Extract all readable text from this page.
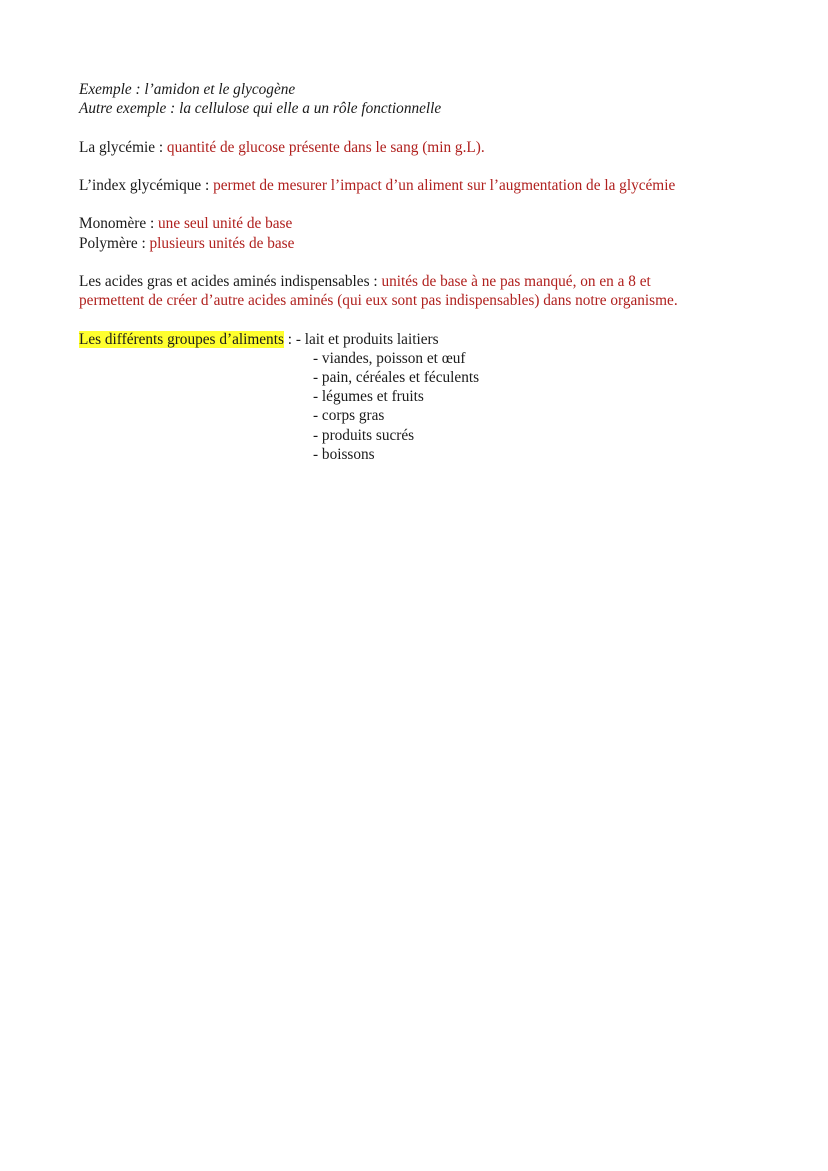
Exemple : l’amidon et le glycogène
Autre exemple : la cellulose qui elle a un rôle fonctionnelle
La glycémie : quantité de glucose présente dans le sang (min g.L).
L’index glycémique : permet de mesurer l’impact d’un aliment sur l’augmentation de la glycémie
Monomère : une seul unité de base
Polymère : plusieurs unités de base
Les acides gras et acides aminés indispensables : unités de base à ne pas manqué, on en a 8 et
permettent de créer d’autre acides aminés (qui eux sont pas indispensables) dans notre organisme.
Les différents groupes d’aliments : - lait et produits laitiers
- viandes, poisson et œuf
- pain, céréales et féculents
- légumes et fruits
- corps gras
- produits sucrés
- boissons
